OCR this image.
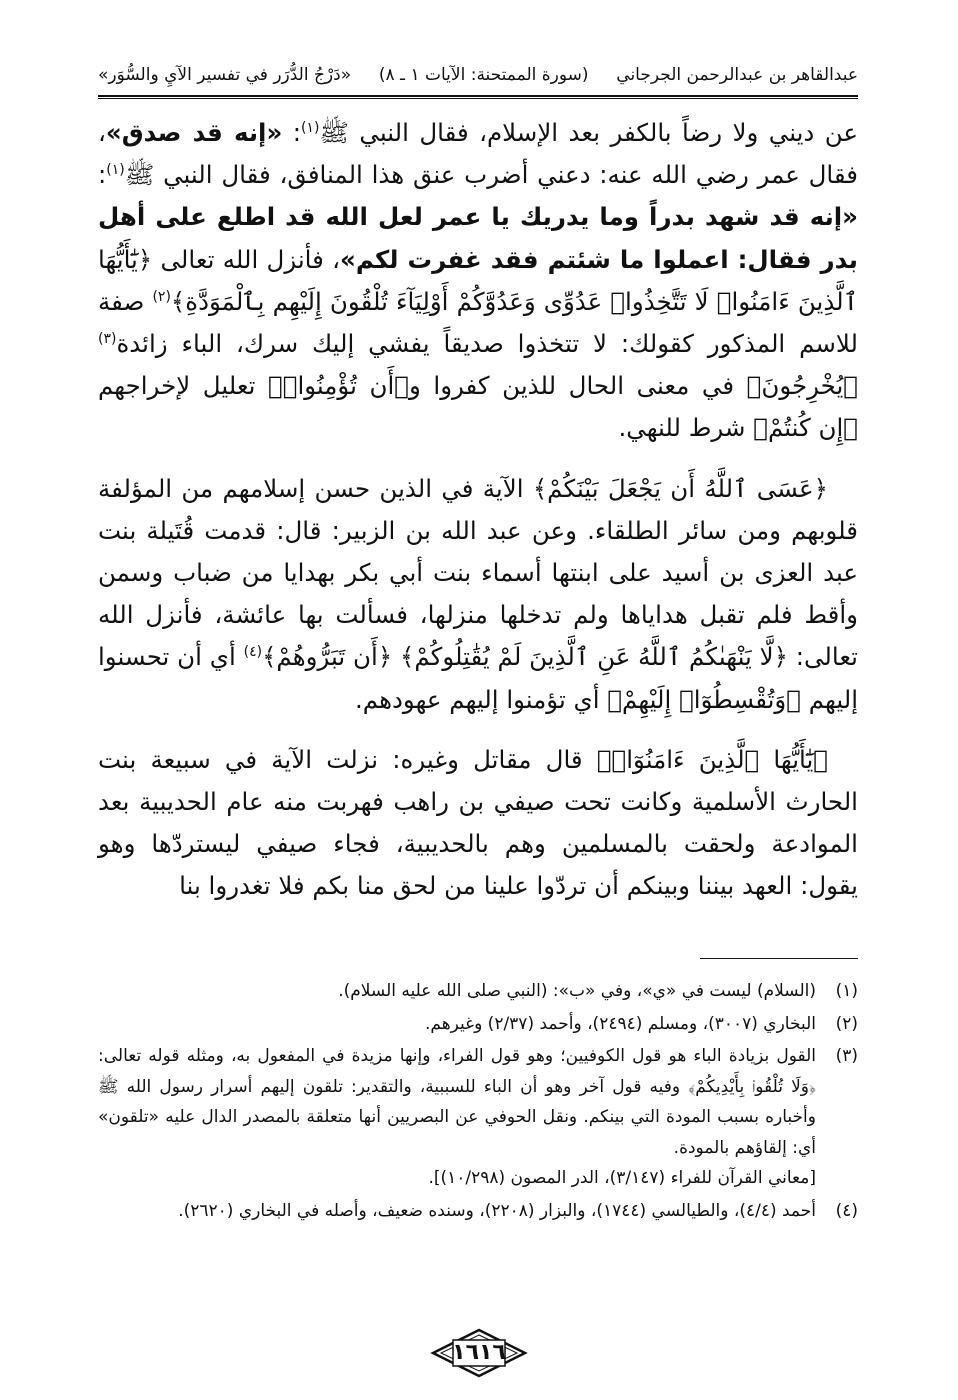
عبدالقاهر بن عبدالرحمن الجرجاني
(سورة الممتحنة: الآيات ١ ـ ٨)
«دَرْجُ الدُّرَر في تفسير الآيِ والسُّوَر»

عن ديني ولا رضاً بالكفر بعد الإسلام، فقال النبي ﷺ$^{(١)}$: «إنه قد صدق»، فقال عمر رضي الله عنه: دعني أضرب عنق هذا المنافق، فقال النبي ﷺ$^{(١)}$: «إنه قد شهد بدراً وما يدريك يا عمر لعل الله قد اطلع على أهل بدر فقال: اعملوا ما شئتم فقد غفرت لكم»، فأنزل الله تعالى ﴿يَٰٓأَيُّهَا ٱلَّذِينَ ءَامَنُوا۟ لَا تَتَّخِذُوا۟ عَدُوِّى وَعَدُوَّكُمْ أَوْلِيَآءَ تُلْقُونَ إِلَيْهِم بِٱلْمَوَدَّةِ﴾$^{(٢)}$ صفة للاسم المذكور كقولك: لا تتخذوا صديقاً يفشي إليك سرك، الباء زائدة$^{(٣)}$ ﴿يُخْرِجُونَ﴾ في معنى الحال للذين كفروا و﴿أَن تُؤْمِنُوا۟﴾ تعليل لإخراجهم ﴿إِن كُنتُمْ﴾ شرط للنهي.

﴿عَسَى ٱللَّهُ أَن يَجْعَلَ بَيْنَكُمْ﴾ الآية في الذين حسن إسلامهم من المؤلفة قلوبهم ومن سائر الطلقاء. وعن عبد الله بن الزبير: قال: قدمت قُتَيلة بنت عبد العزى بن أسيد على ابنتها أسماء بنت أبي بكر بهدايا من ضباب وسمن وأقط فلم تقبل هداياها ولم تدخلها منزلها، فسألت بها عائشة، فأنزل الله تعالى: ﴿لَّا يَنْهَىٰكُمُ ٱللَّهُ عَنِ ٱلَّذِينَ لَمْ يُقَٰتِلُوكُمْ﴾ ﴿أَن تَبَرُّوهُمْ﴾$^{(٤)}$ أي أن تحسنوا إليهم ﴿وَتُقْسِطُوٓا۟ إِلَيْهِمْ﴾ أي تؤمنوا إليهم عهودهم.

﴿يَٰٓأَيُّهَا ٱلَّذِينَ ءَامَنُوٓا۟﴾ قال مقاتل وغيره: نزلت الآية في سبيعة بنت الحارث الأسلمية وكانت تحت صيفي بن راهب فهربت منه عام الحديبية بعد الموادعة ولحقت بالمسلمين وهم بالحديبية، فجاء صيفي ليستردّها وهو يقول: العهد بيننا وبينكم أن تردّوا علينا من لحق منا بكم فلا تغدروا بنا

(١)
(السلام) ليست في «ي»، وفي «ب»: (النبي صلى الله عليه السلام).
(٢)
البخاري (٣٠٠٧)، ومسلم (٢٤٩٤)، وأحمد (٢/٣٧) وغيرهم.
(٣)
القول بزيادة الباء هو قول الكوفيين؛ وهو قول الفراء، وإنها مزيدة في المفعول به، ومثله قوله تعالى: ﴿وَلَا تُلْقُوا۟ بِأَيْدِيكُمْ﴾ وفيه قول آخر وهو أن الباء للسببية، والتقدير: تلقون إليهم أسرار رسول الله ﷺ وأخباره بسبب المودة التي بينكم. ونقل الحوفي عن البصريين أنها متعلقة بالمصدر الدال عليه «تلقون» أي: إلقاؤهم بالمودة.
[معاني القرآن للفراء (٣/١٤٧)، الدر المصون (١٠/٢٩٨)].
(٤)
أحمد (٤/٤)، والطيالسي (١٧٤٤)، والبزار (٢٢٠٨)، وسنده ضعيف، وأصله في البخاري (٢٦٢٠).
١٦١٦
